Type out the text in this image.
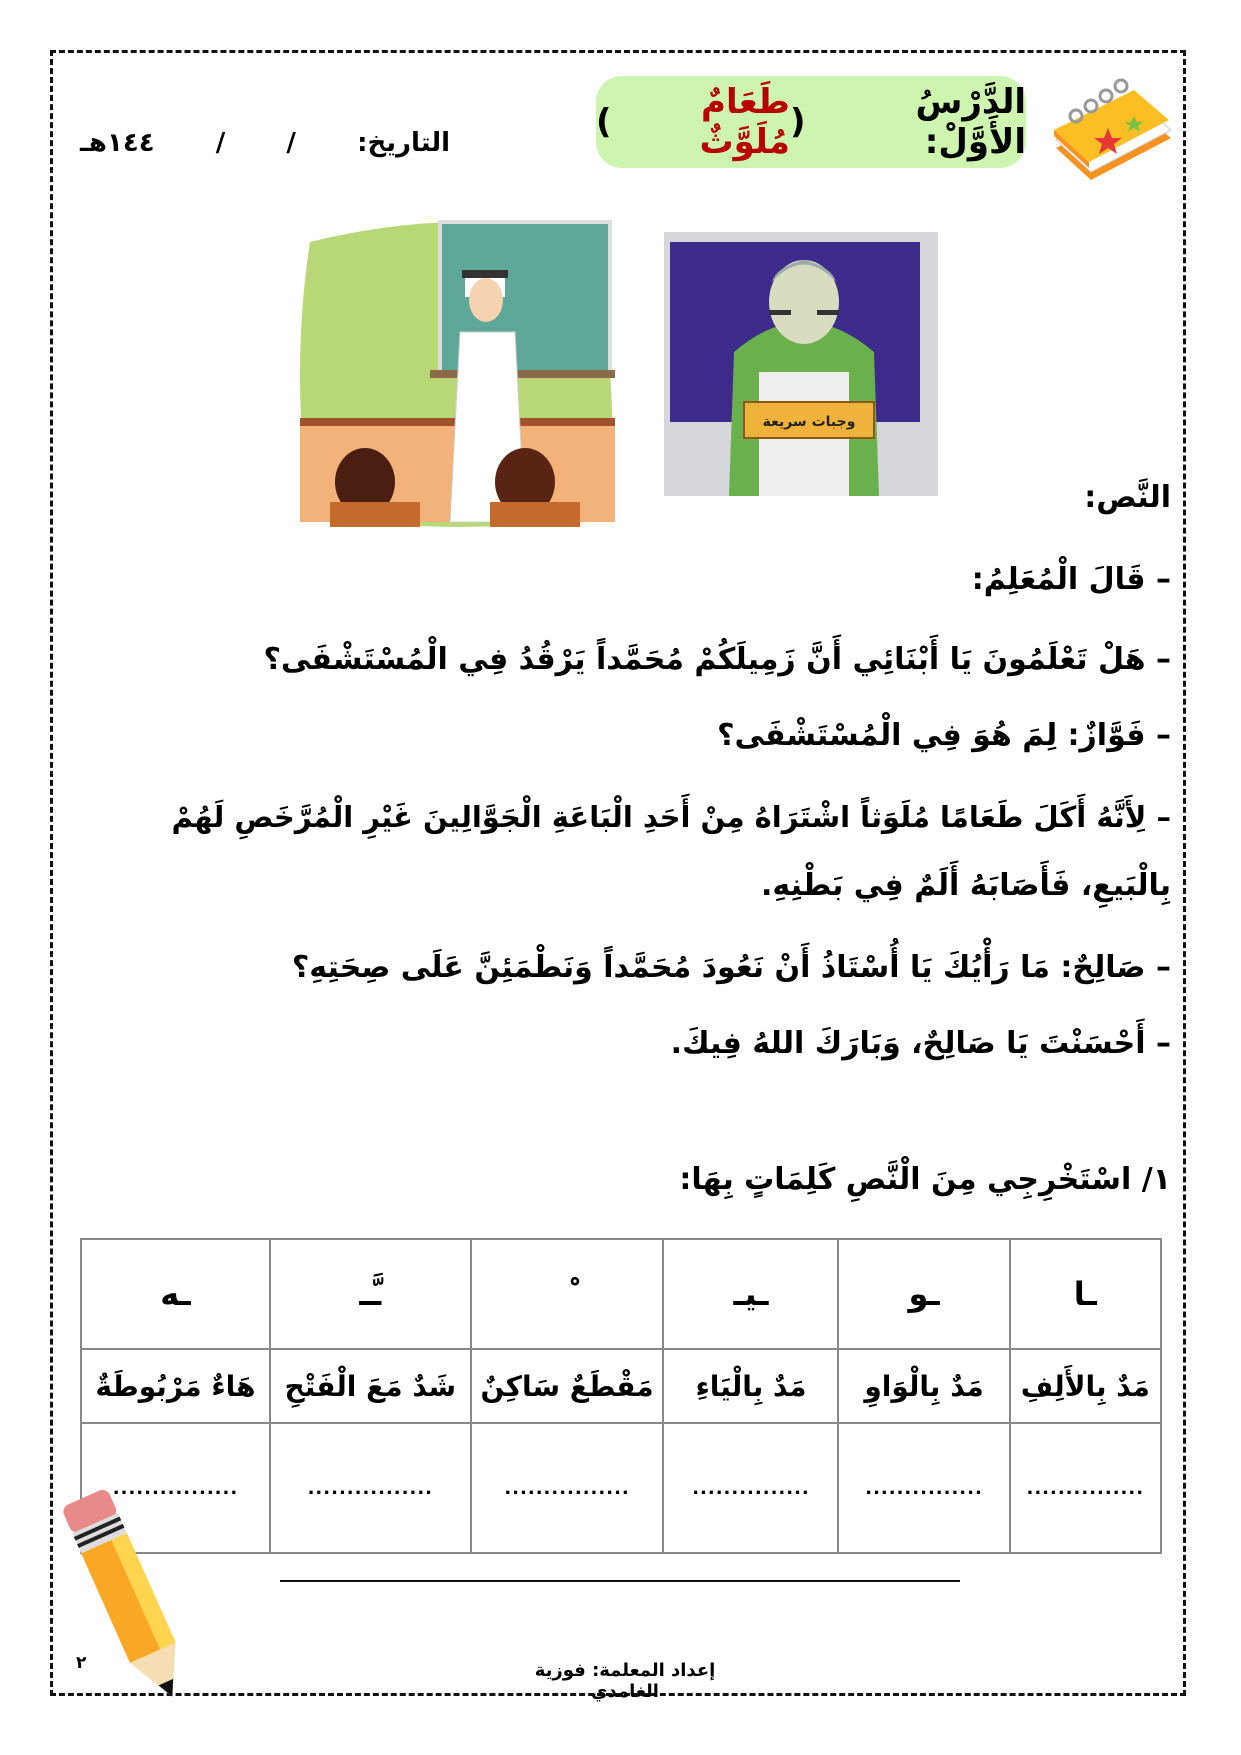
الدَّرْسُ الأَوَّلْ:

(
طَعَامٌ مُلَوَّثٌ
)
التاريخ:
/
/
١٤٤هـ
وجبات سريعة
النَّص:
– قَالَ الْمُعَلِمُ:
– هَلْ تَعْلَمُونَ يَا أَبْنَائِي أَنَّ زَمِيلَكُمْ مُحَمَّداً يَرْقُدُ فِي الْمُسْتَشْفَى؟
– فَوَّازٌ: لِمَ هُوَ فِي الْمُسْتَشْفَى؟
– لِأَنَّهُ أَكَلَ طَعَامًا مُلَوَثاً اشْتَرَاهُ مِنْ أَحَدِ الْبَاعَةِ الْجَوَّالِينَ غَيْرِ الْمُرَّخَصِ لَهُمْ
بِالْبَيعِ، فَأَصَابَهُ أَلَمٌ فِي بَطْنِهِ.
– صَالِحٌ: مَا رَأْيُكَ يَا أُسْتَاذُ أَنْ نَعُودَ مُحَمَّداً وَنَطْمَئِنَّ عَلَى صِحَتِهِ؟
– أَحْسَنْتَ يَا صَالِحٌ، وَبَارَكَ اللهُ فِيكَ.
١/ اسْتَخْرِجِي مِنَ الْنَّصِ كَلِمَاتٍ بِهَا:
ـا	ـو	ـيـ		ـَّـ	ـه
مَدٌ بِالأَلِفِ	مَدٌ بِالْوَاوِ	مَدٌ بِالْيَاءِ	مَقْطَعٌ سَاكِنٌ	شَدٌ مَعَ الْفَتْحِ	هَاءٌ مَرْبُوطَةٌ
...............	...............	...............	................	................	................
٢	إعداد المعلمة: فوزية الغامدي
